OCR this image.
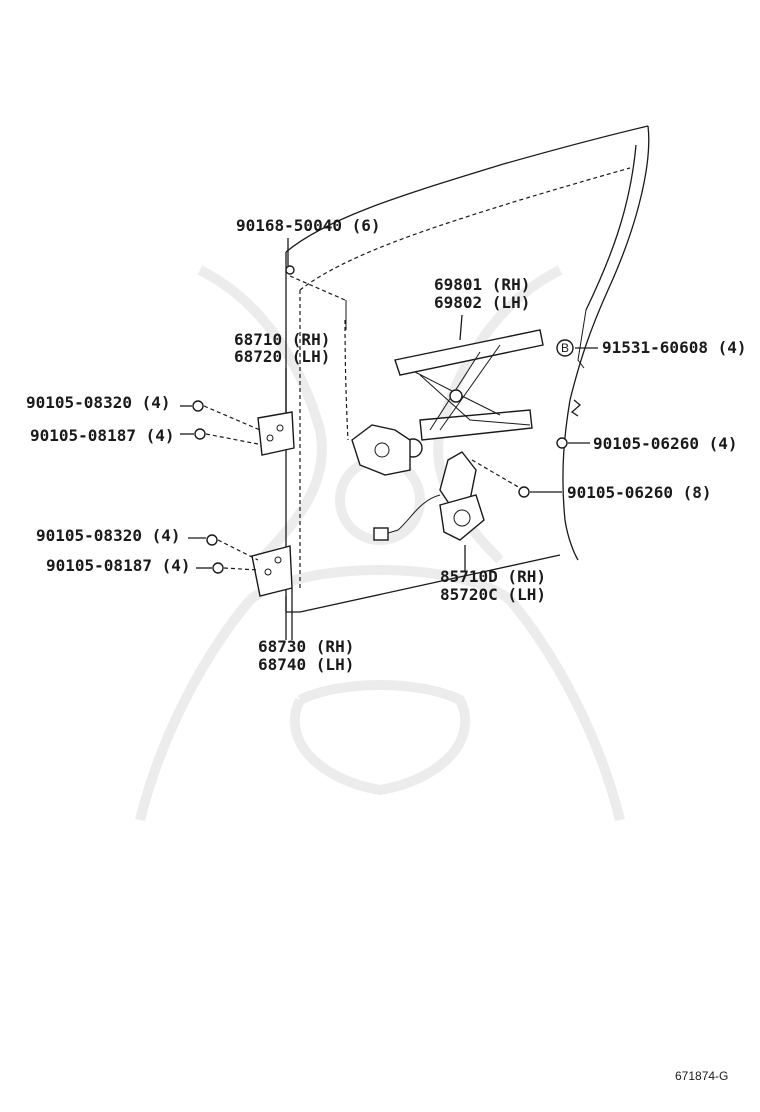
B
90168-50040 (6)
69801 (RH)
69802 (LH)
68710 (RH)
68720 (LH)	91531-60608 (4)
90105-08320 (4)
90105-08187 (4)	90105-06260 (4)
90105-06260 (8)
90105-08320 (4)
90105-08187 (4)
85710D (RH)
85720C (LH)
68730 (RH)
68740 (LH)
671874-G
